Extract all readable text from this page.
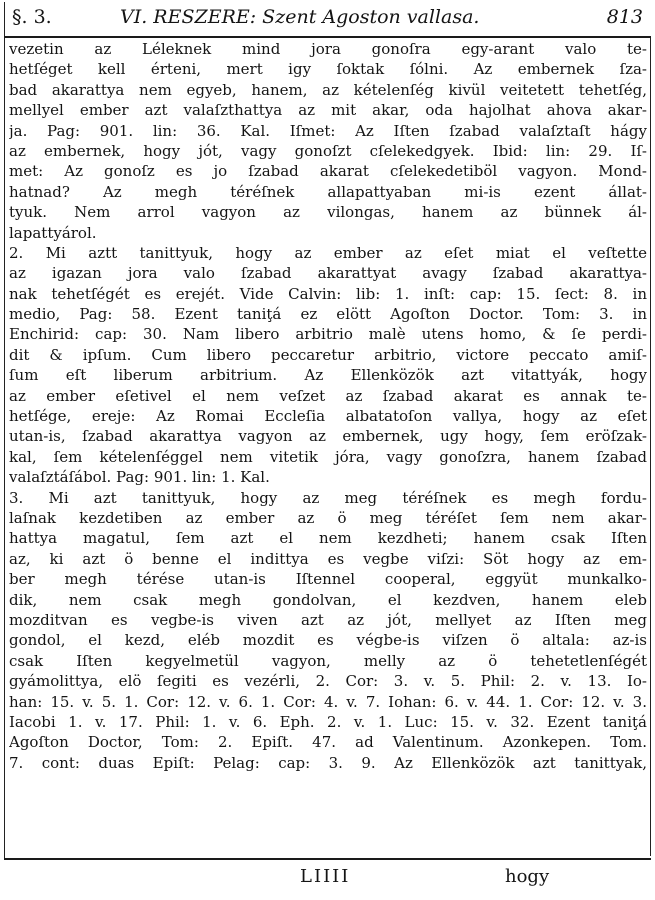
§. 3.	VI. RESZERE: Szent Agoston vallasa.	813
vezetin az Léleknek mind jora gonoſra egy-arant valo te-
hetſéget kell érteni, mert igy ſoktak ſólni. Az embernek ſza-
bad akarattya nem egyeb, hanem, az kételenſég kivül veitetett tehetſég,
mellyel ember azt valaſzthattya az mit akar, oda hajolhat ahova akar-
ja. Pag: 901. lin: 36. Kal. Iſmet: Az Iſten ſzabad valaſztaſt hágy
az embernek, hogy jót, vagy gonoſzt cſelekedgyek. Ibid: lin: 29. Iſ-
met: Az gonoſz es jo ſzabad akarat cſelekedetiböl vagyon. Mond-
hatnad? Az megh téréſnek allapattyaban mi-is ezent állat-
tyuk. Nem arrol vagyon az vilongas, hanem az bünnek ál-
lapattyárol.
2. Mi aztt tanittyuk, hogy az ember az eſet miat el veſtette
az igazan jora valo ſzabad akarattyat avagy ſzabad akarattya-
nak tehetſégét es erejét. Vide Calvin: lib: 1. inſt: cap: 15. ſect: 8. in
medio, Pag: 58. Ezent taniţá ez elött Agoſton Doctor. Tom: 3. in
Enchirid: cap: 30. Nam libero arbitrio malè utens homo, & ſe perdi-
dit & ipſum. Cum libero peccaretur arbitrio, victore peccato amiſ-
ſum eſt liberum arbitrium. Az Ellenközök azt vitattyák, hogy
az ember eſetivel el nem veſzet az ſzabad akarat es annak te-
hetſége, ereje: Az Romai Eccleſia albatatoſon vallya, hogy az eſet
utan-is, ſzabad akarattya vagyon az embernek, ugy hogy, ſem eröſzak-
kal, ſem kételenſéggel nem vitetik jóra, vagy gonoſzra, hanem ſzabad
valaſztáſábol. Pag: 901. lin: 1. Kal.
3. Mi azt tanittyuk, hogy az meg téréſnek es megh fordu-
laſnak kezdetiben az ember az ö meg téréſet ſem nem akar-
hattya magatul, ſem azt el nem kezdheti; hanem csak Iſten
az, ki azt ö benne el indittya es vegbe viſzi: Söt hogy az em-
ber megh térése utan-is Iſtennel cooperal, eggyüt munkalko-
dik, nem csak megh gondolvan, el kezdven, hanem eleb
mozditvan es vegbe-is viven azt az jót, mellyet az Iſten meg
gondol, el kezd, eléb mozdit es végbe-is viſzen ö altala: az-is
csak Iſten kegyelmetül vagyon, melly az ö tehetetlenſégét
gyámolittya, elö ſegiti es vezérli, 2. Cor: 3. v. 5. Phil: 2. v. 13. Io-
han: 15. v. 5. 1. Cor: 12. v. 6. 1. Cor: 4. v. 7. Iohan: 6. v. 44. 1. Cor: 12. v. 3.
Iacobi 1. v. 17. Phil: 1. v. 6. Eph. 2. v. 1. Luc: 15. v. 32. Ezent taniţá
Agoſton Doctor, Tom: 2. Epiſt. 47. ad Valentinum. Azonkepen. Tom.
7. cont: duas Epiſt: Pelag: cap: 3. 9. Az Ellenközök azt tanittyak,
LIIII	hogy
